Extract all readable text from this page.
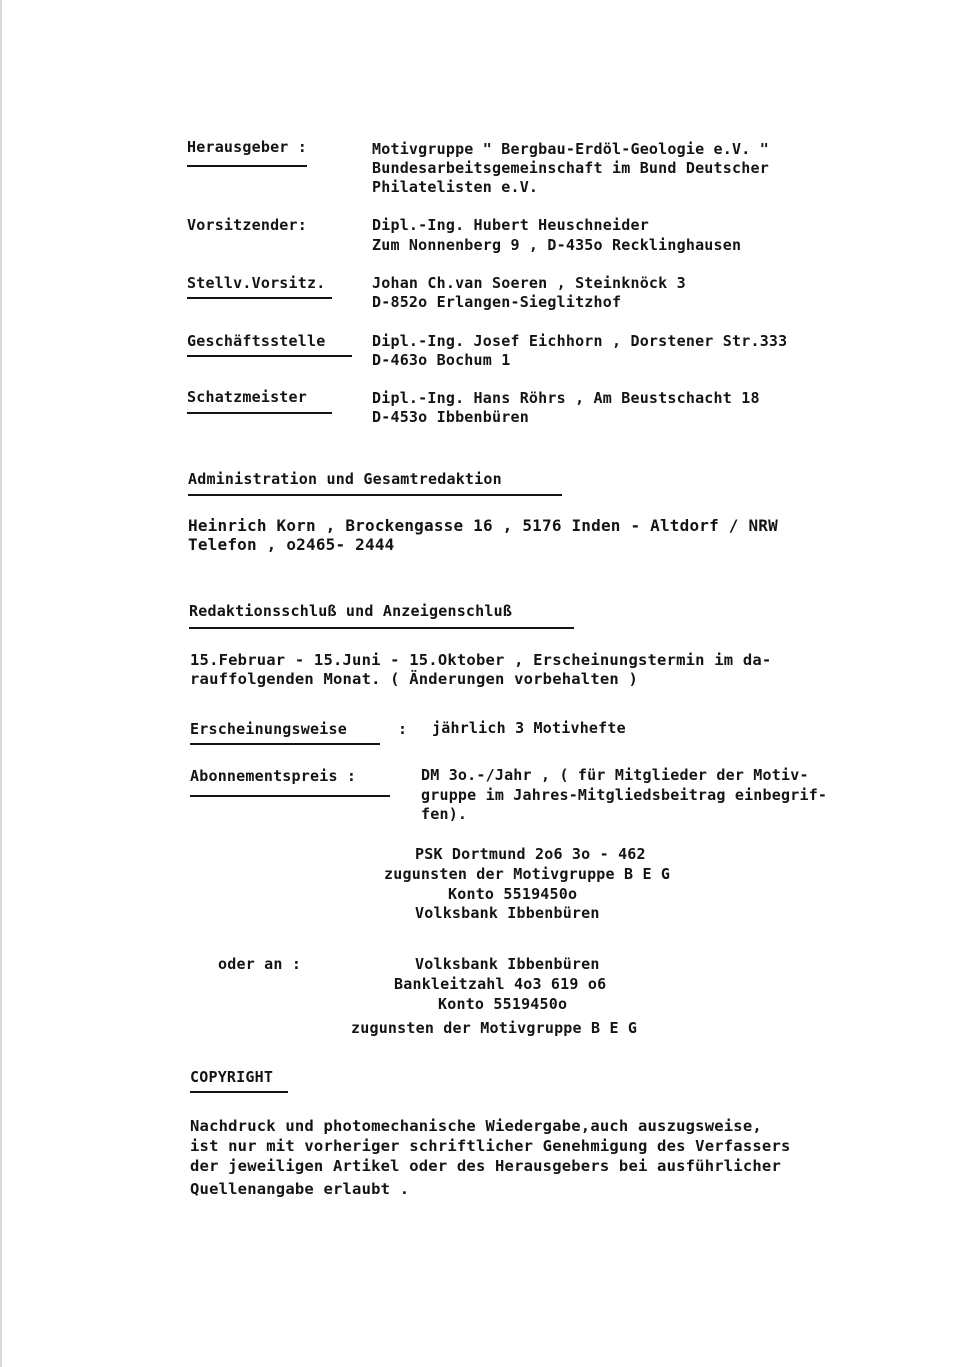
Herausgeber :	Motivgruppe " Bergbau-Erdöl-Geologie e.V. "
Bundesarbeitsgemeinschaft im Bund Deutscher
Philatelisten e.V.
Vorsitzender:	Dipl.-Ing. Hubert Heuschneider
Zum Nonnenberg 9 , D-435o Recklinghausen
Stellv.Vorsitz.	Johan Ch.van Soeren , Steinknöck 3
D-852o Erlangen-Sieglitzhof
Geschäftsstelle	Dipl.-Ing. Josef Eichhorn , Dorstener Str.333
D-463o Bochum 1
Schatzmeister	Dipl.-Ing. Hans Röhrs , Am Beustschacht 18
D-453o Ibbenbüren
Administration und Gesamtredaktion
Heinrich Korn , Brockengasse 16 , 5176 Inden - Altdorf / NRW
Telefon , o2465- 2444
Redaktionsschluß und Anzeigenschluß
15.Februar - 15.Juni - 15.Oktober , Erscheinungstermin im da-
rauffolgenden Monat. ( Änderungen vorbehalten )
Erscheinungsweise	: jährlich 3 Motivhefte
Abonnementspreis :	DM 3o.-/Jahr , ( für Mitglieder der Motiv-
gruppe im Jahres-Mitgliedsbeitrag einbegrif-
fen).
PSK Dortmund 2o6 3o - 462
zugunsten der Motivgruppe B E G
Konto 5519450o
Volksbank Ibbenbüren
oder an :	Volksbank Ibbenbüren
Bankleitzahl 4o3 619 o6
Konto 5519450o
zugunsten der Motivgruppe B E G
COPYRIGHT
Nachdruck und photomechanische Wiedergabe,auch auszugsweise,
ist nur mit vorheriger schriftlicher Genehmigung des Verfassers
der jeweiligen Artikel oder des Herausgebers bei ausführlicher
Quellenangabe erlaubt .
